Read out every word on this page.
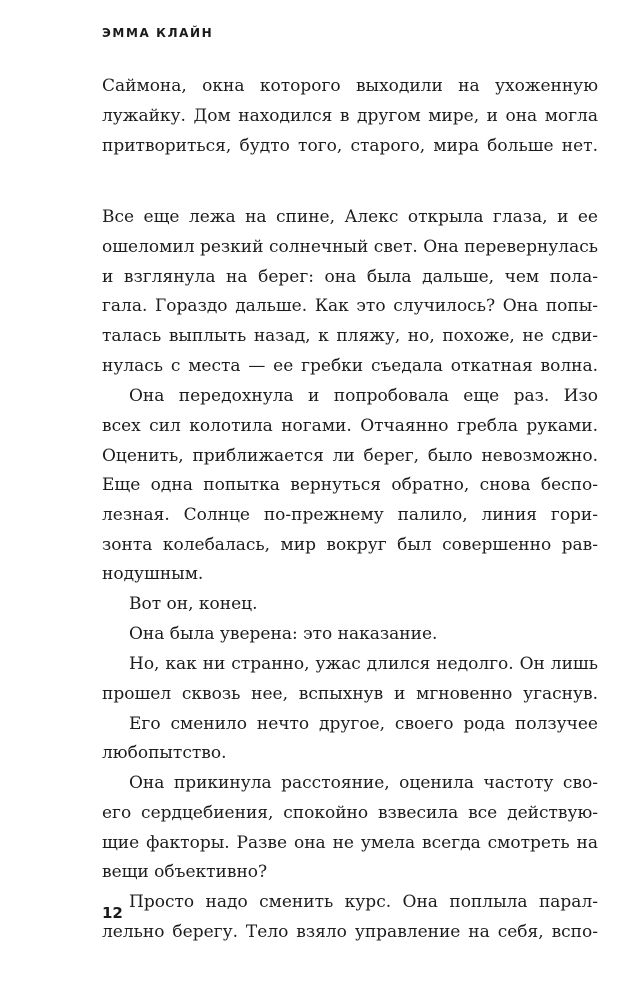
ЭММА КЛАЙН
Саймона, окна которого выходили на ухоженную
лужайку. Дом находился в другом мире, и она могла
притвориться, будто того, старого, мира больше нет.
Все еще лежа на спине, Алекс открыла глаза, и ее
ошеломил резкий солнечный свет. Она перевернулась
и взглянула на берег: она была дальше, чем пола-
гала. Гораздо дальше. Как это случилось? Она попы-
талась выплыть назад, к пляжу, но, похоже, не сдви-
нулась с места — ее гребки съедала откатная волна.
Она передохнула и попробовала еще раз. Изо
всех сил колотила ногами. Отчаянно гребла руками.
Оценить, приближается ли берег, было невозможно.
Еще одна попытка вернуться обратно, снова беспо-
лезная. Солнце по-прежнему палило, линия гори-
зонта колебалась, мир вокруг был совершенно рав-
нодушным.
Вот он, конец.
Она была уверена: это наказание.
Но, как ни странно, ужас длился недолго. Он лишь
прошел сквозь нее, вспыхнув и мгновенно угаснув.
Его сменило нечто другое, своего рода ползучее
любопытство.
Она прикинула расстояние, оценила частоту сво-
его сердцебиения, спокойно взвесила все действую-
щие факторы. Разве она не умела всегда смотреть на
вещи объективно?
Просто надо сменить курс. Она поплыла парал-
лельно берегу. Тело взяло управление на себя, вспо-
12
